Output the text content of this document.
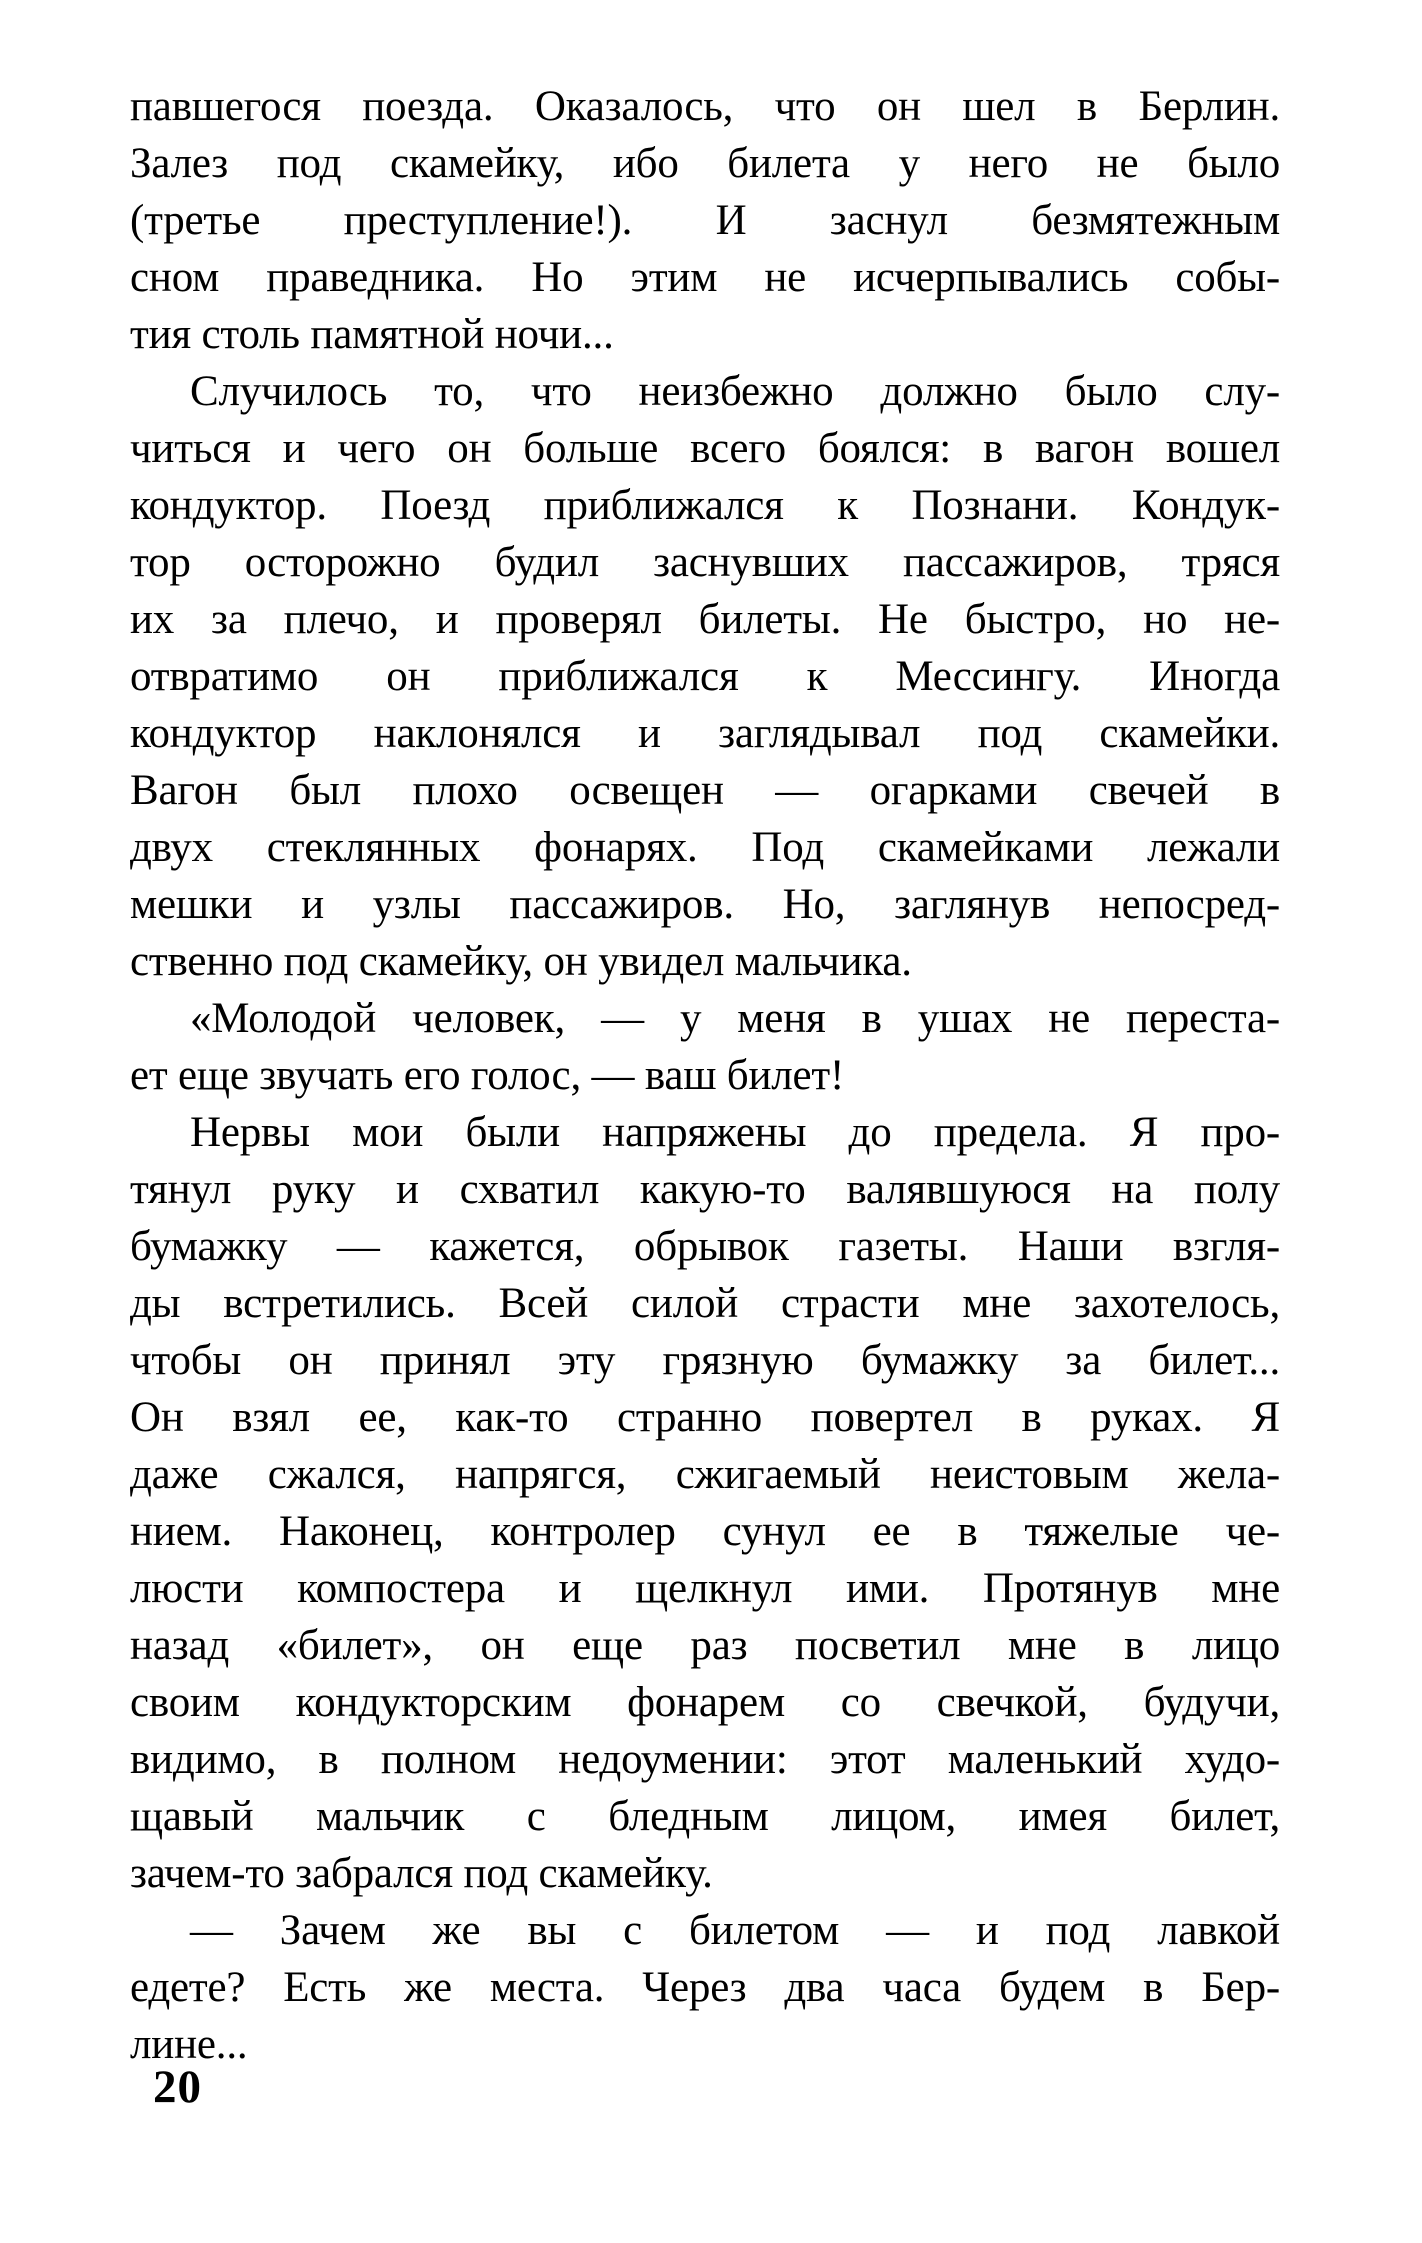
павшегося поезда. Оказалось, что он шел в Берлин.
Залез под скамейку, ибо билета у него не было
(третье преступление!). И заснул безмятежным
сном праведника. Но этим не исчерпывались собы-
тия столь памятной ночи...

Случилось то, что неизбежно должно было слу-
читься и чего он больше всего боялся: в вагон вошел
кондуктор. Поезд приближался к Познани. Кондук-
тор осторожно будил заснувших пассажиров, тряся
их за плечо, и проверял билеты. Не быстро, но не-
отвратимо он приближался к Мессингу. Иногда
кондуктор наклонялся и заглядывал под скамейки.
Вагон был плохо освещен — огарками свечей в
двух стеклянных фонарях. Под скамейками лежали
мешки и узлы пассажиров. Но, заглянув непосред-
ственно под скамейку, он увидел мальчика.

«Молодой человек, — у меня в ушах не переста-
ет еще звучать его голос, — ваш билет!

Нервы мои были напряжены до предела. Я про-
тянул руку и схватил какую-то валявшуюся на полу
бумажку — кажется, обрывок газеты. Наши взгля-
ды встретились. Всей силой страсти мне захотелось,
чтобы он принял эту грязную бумажку за билет...
Он взял ее, как-то странно повертел в руках. Я
даже сжался, напрягся, сжигаемый неистовым жела-
нием. Наконец, контролер сунул ее в тяжелые че-
люсти компостера и щелкнул ими. Протянув мне
назад «билет», он еще раз посветил мне в лицо
своим кондукторским фонарем со свечкой, будучи,
видимо, в полном недоумении: этот маленький худо-
щавый мальчик с бледным лицом, имея билет,
зачем-то забрался под скамейку.

— Зачем же вы с билетом — и под лавкой
едете? Есть же места. Через два часа будем в Бер-
лине...

20
